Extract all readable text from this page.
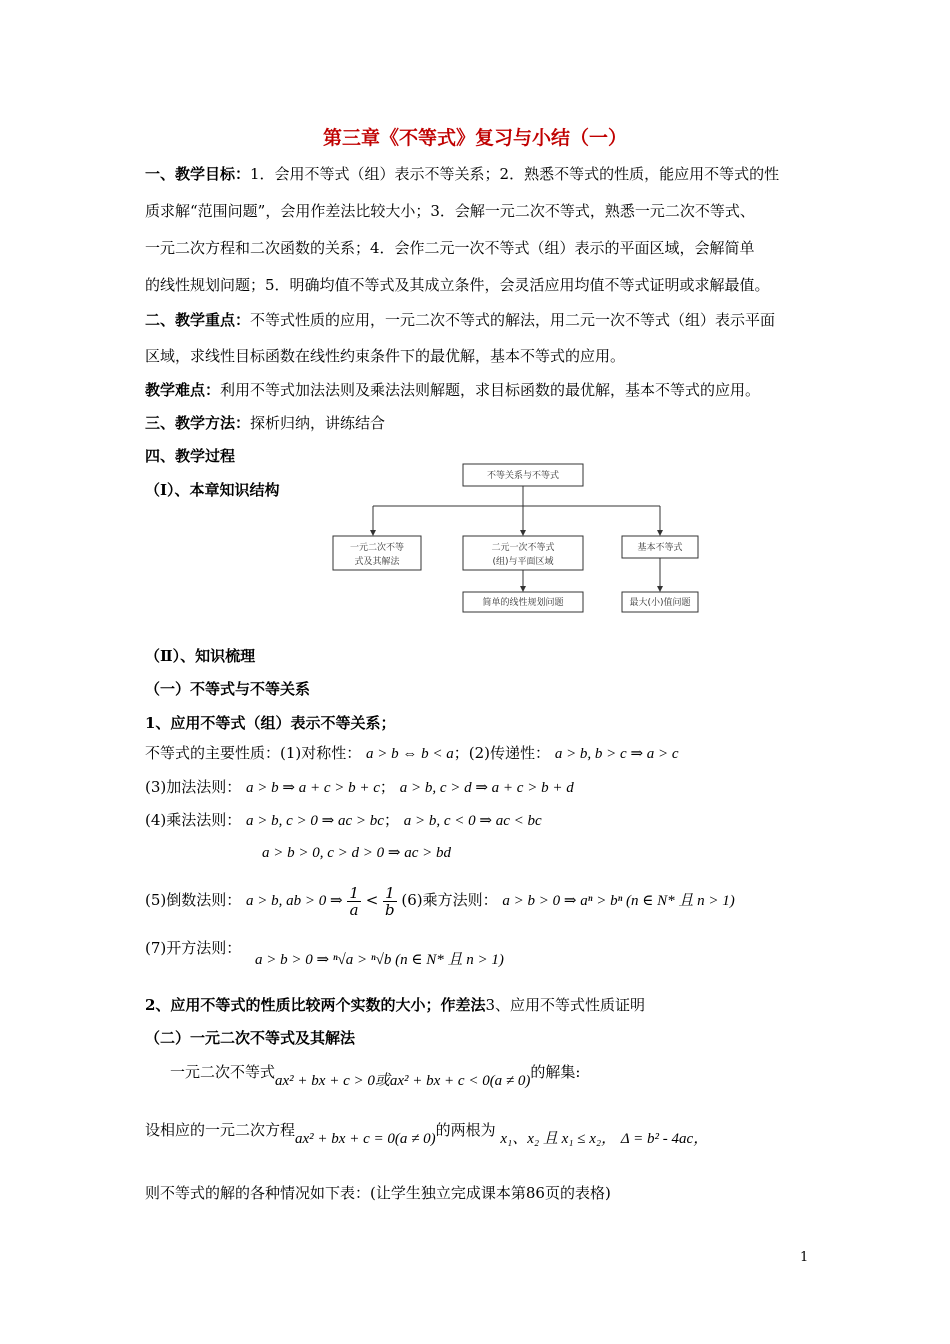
第三章《不等式》复习与小结（一）
一、教学目标：1．会用不等式（组）表示不等关系；2．熟悉不等式的性质，能应用不等式的性
质求解“范围问题”，会用作差法比较大小；3．会解一元二次不等式，熟悉一元二次不等式、
一元二次方程和二次函数的关系；4．会作二元一次不等式（组）表示的平面区域，会解简单
的线性规划问题；5．明确均值不等式及其成立条件，会灵活应用均值不等式证明或求解最值。
二、教学重点：不等式性质的应用，一元二次不等式的解法，用二元一次不等式（组）表示平面
区域，求线性目标函数在线性约束条件下的最优解，基本不等式的应用。
教学难点：利用不等式加法法则及乘法法则解题，求目标函数的最优解，基本不等式的应用。
三、教学方法：探析归纳，讲练结合
四、教学过程
（Ⅰ）、本章知识结构
不等关系与不等式
一元二次不等
式及其解法
二元一次不等式
(组)与平面区域
基本不等式
简单的线性规划问题	最大(小)值问题
（Ⅱ）、知识梳理
（一）不等式与不等关系
1、应用不等式（组）表示不等关系；
不等式的主要性质：(1)对称性： a > b ⇔ b < a；(2)传递性： a > b, b > c ⇒ a > c
(3)加法法则： a > b ⇒ a + c > b + c； a > b, c > d ⇒ a + c > b + d
(4)乘法法则： a > b, c > 0 ⇒ ac > bc； a > b, c < 0 ⇒ ac < bc
a > b > 0, c > d > 0 ⇒ ac > bd
(5)倒数法则： a > b, ab > 0 ⇒ $\frac{1}{a} < \frac{1}{b} (6)$乘方法则： a > b > 0 ⇒ aⁿ > bⁿ (n ∈ N* 且 n > 1)
(7)开方法则：
a > b > 0 ⇒ ⁿ√a > ⁿ√b (n ∈ N* 且 n > 1)
2、应用不等式的性质比较两个实数的大小；作差法3、应用不等式性质证明
（二）一元二次不等式及其解法
一元二次不等式ax² + bx + c > 0或ax² + bx + c < 0(a ≠ 0)的解集:
设相应的一元二次方程ax² + bx + c = 0(a ≠ 0)的两根为 x₁、x₂ 且 x₁ ≤ x₂， Δ = b² - 4ac，
则不等式的解的各种情况如下表：(让学生独立完成课本第86页的表格)
1
